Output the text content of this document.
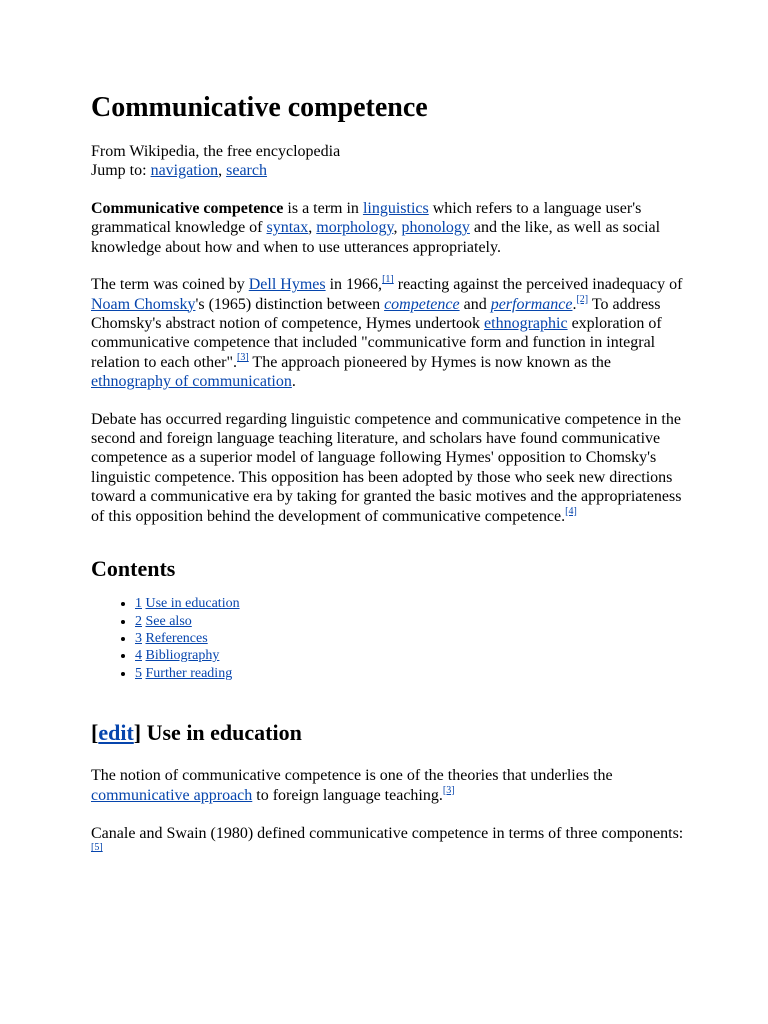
Communicative competence
From Wikipedia, the free encyclopedia
Jump to: navigation, search

Communicative competence is a term in linguistics which refers to a language user's grammatical knowledge of syntax, morphology, phonology and the like, as well as social knowledge about how and when to use utterances appropriately.

The term was coined by Dell Hymes in 1966,[1] reacting against the perceived inadequacy of Noam Chomsky's (1965) distinction between competence and performance.[2] To address Chomsky's abstract notion of competence, Hymes undertook ethnographic exploration of communicative competence that included "communicative form and function in integral relation to each other".[3] The approach pioneered by Hymes is now known as the ethnography of communication.

Debate has occurred regarding linguistic competence and communicative competence in the second and foreign language teaching literature, and scholars have found communicative competence as a superior model of language following Hymes' opposition to Chomsky's linguistic competence. This opposition has been adopted by those who seek new directions toward a communicative era by taking for granted the basic motives and the appropriateness of this opposition behind the development of communicative competence.[4]

Contents
• 1 Use in education
• 2 See also
• 3 References
• 4 Bibliography
• 5 Further reading
[edit] Use in education

The notion of communicative competence is one of the theories that underlies the communicative approach to foreign language teaching.[3]

Canale and Swain (1980) defined communicative competence in terms of three components:[5]
